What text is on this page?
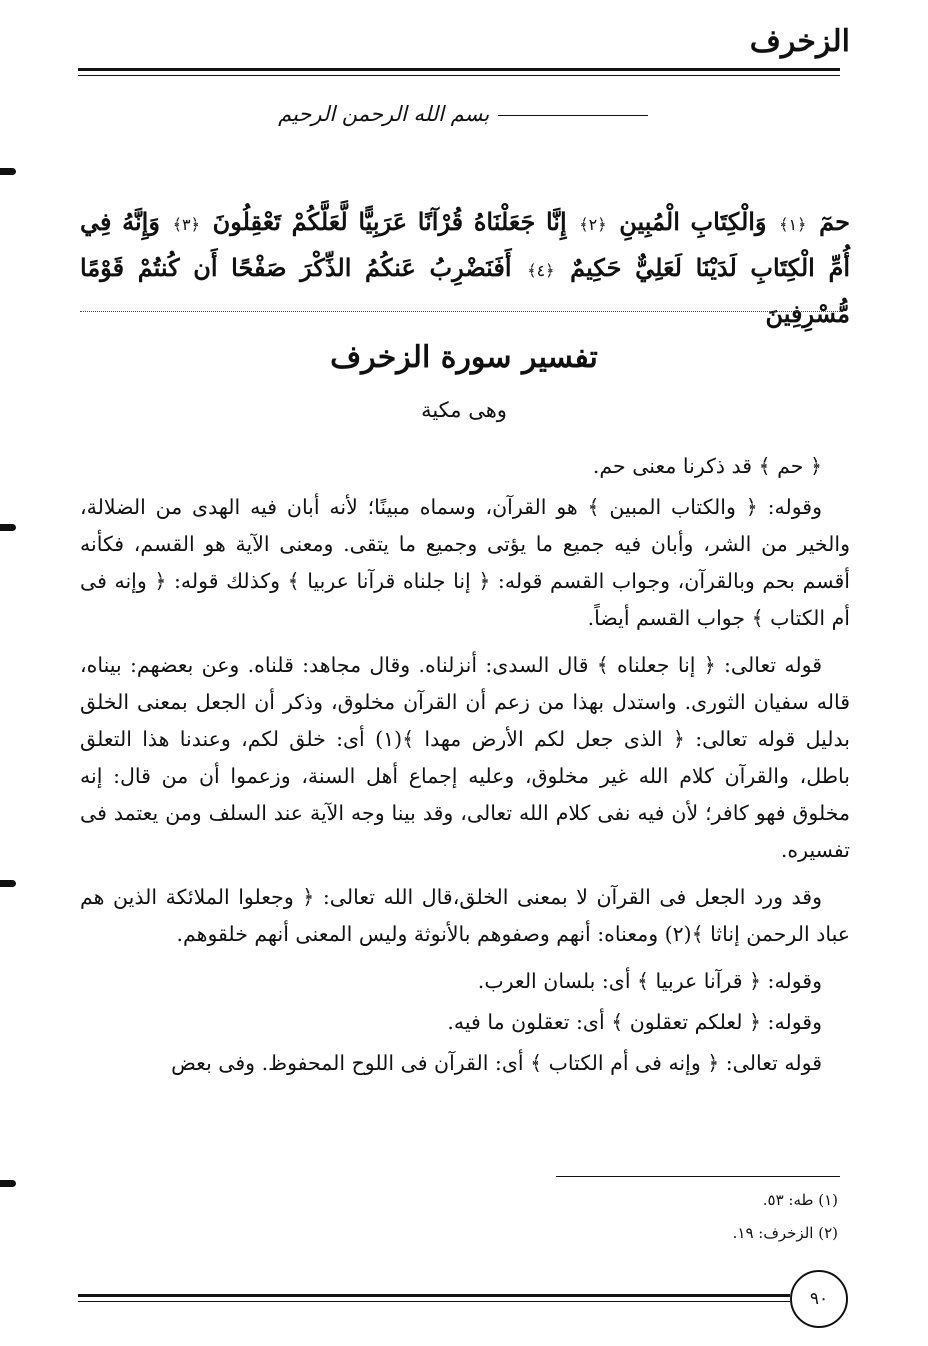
الزخرف
بسم الله الرحمن الرحيم
حمٓ ﴿١﴾ وَالْكِتَابِ الْمُبِينِ ﴿٢﴾ إِنَّا جَعَلْنَاهُ قُرْآنًا عَرَبِيًّا لَّعَلَّكُمْ تَعْقِلُونَ ﴿٣﴾ وَإِنَّهُ فِي
أُمِّ الْكِتَابِ لَدَيْنَا لَعَلِيٌّ حَكِيمٌ ﴿٤﴾ أَفَنَضْرِبُ عَنكُمُ الذِّكْرَ صَفْحًا أَن كُنتُمْ قَوْمًا مُّسْرِفِينَ
تفسير سورة الزخرف
وهى مكية

﴿ حم ﴾ قد ذكرنا معنى حم.

وقوله: ﴿ والكتاب المبين ﴾ هو القرآن، وسماه مبينًا؛ لأنه أبان فيه الهدى من الضلالة، والخير من الشر، وأبان فيه جميع ما يؤتى وجميع ما يتقى. ومعنى الآية هو القسم، فكأنه أقسم بحم وبالقرآن، وجواب القسم قوله: ﴿ إنا جلناه قرآنا عربيا ﴾ وكذلك قوله: ﴿ وإنه فى أم الكتاب ﴾ جواب القسم أيضاً.

قوله تعالى: ﴿ إنا جعلناه ﴾ قال السدى: أنزلناه. وقال مجاهد: قلناه. وعن بعضهم: بيناه، قاله سفيان الثورى. واستدل بهذا من زعم أن القرآن مخلوق، وذكر أن الجعل بمعنى الخلق بدليل قوله تعالى: ﴿ الذى جعل لكم الأرض مهدا ﴾(١) أى: خلق لكم، وعندنا هذا التعلق باطل، والقرآن كلام الله غير مخلوق، وعليه إجماع أهل السنة، وزعموا أن من قال: إنه مخلوق فهو كافر؛ لأن فيه نفى كلام الله تعالى، وقد بينا وجه الآية عند السلف ومن يعتمد فى تفسيره.

وقد ورد الجعل فى القرآن لا بمعنى الخلق،قال الله تعالى: ﴿ وجعلوا الملائكة الذين هم عباد الرحمن إناثا ﴾(٢) ومعناه: أنهم وصفوهم بالأنوثة وليس المعنى أنهم خلقوهم.

وقوله: ﴿ قرآنا عربيا ﴾ أى: بلسان العرب.

وقوله: ﴿ لعلكم تعقلون ﴾ أى: تعقلون ما فيه.

قوله تعالى: ﴿ وإنه فى أم الكتاب ﴾ أى: القرآن فى اللوح المحفوظ. وفى بعض

(١) طه: ٥٣.
(٢) الزخرف: ١٩.
٩٠
